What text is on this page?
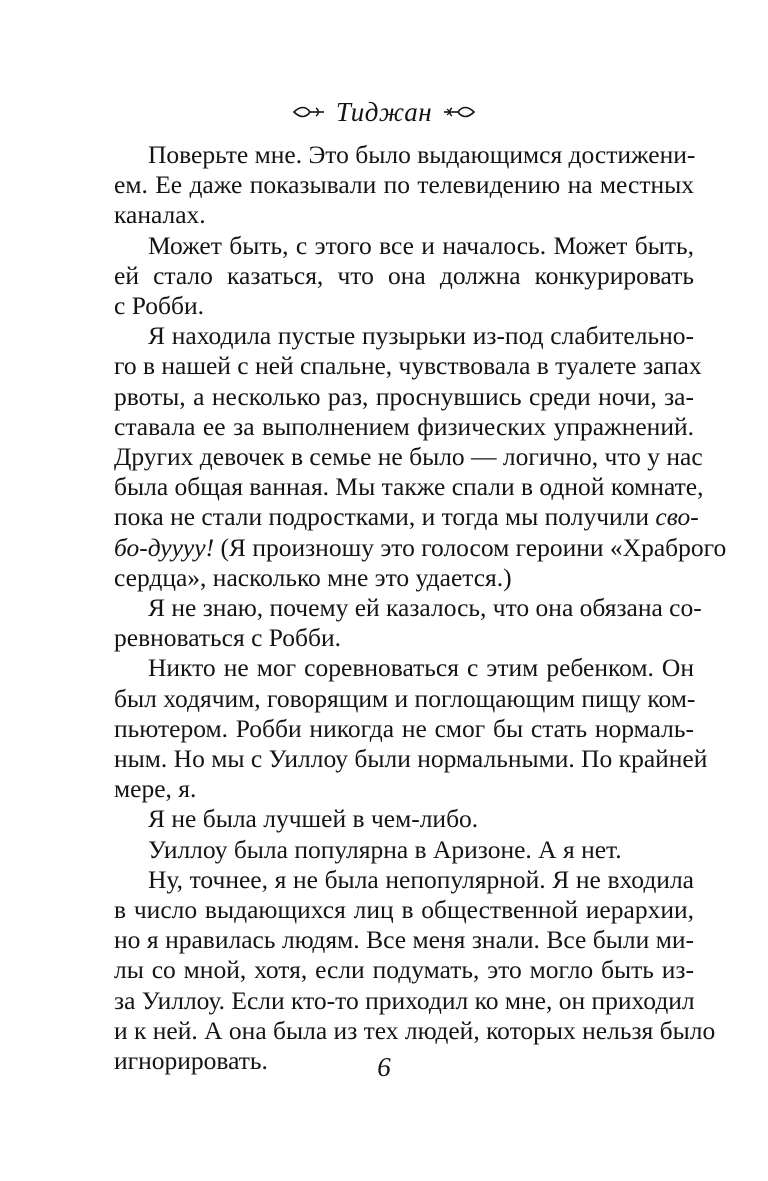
Тиджан

Поверьте мне. Это было выдающимся достижени-
ем. Ее даже показывали по телевидению на местных
каналах.

Может быть, с этого все и началось. Может быть,
ей стало казаться, что она должна конкурировать
с Робби.

Я находила пустые пузырьки из-под слабительно-
го в нашей с ней спальне, чувствовала в туалете запах
рвоты, а несколько раз, проснувшись среди ночи, за-
ставала ее за выполнением физических упражнений.
Других девочек в семье не было — логично, что у нас
была общая ванная. Мы также спали в одной комнате,
пока не стали подростками, и тогда мы получили сво-
бо-дуууу! (Я произношу это голосом героини «Храброго
сердца», насколько мне это удается.)

Я не знаю, почему ей казалось, что она обязана со-
ревноваться с Робби.

Никто не мог соревноваться с этим ребенком. Он
был ходячим, говорящим и поглощающим пищу ком-
пьютером. Робби никогда не смог бы стать нормаль-
ным. Но мы с Уиллоу были нормальными. По крайней
мере, я.

Я не была лучшей в чем-либо.

Уиллоу была популярна в Аризоне. А я нет.

Ну, точнее, я не была непопулярной. Я не входила
в число выдающихся лиц в общественной иерархии,
но я нравилась людям. Все меня знали. Все были ми-
лы со мной, хотя, если подумать, это могло быть из-
за Уиллоу. Если кто-то приходил ко мне, он приходил
и к ней. А она была из тех людей, которых нельзя было
игнорировать.	6
